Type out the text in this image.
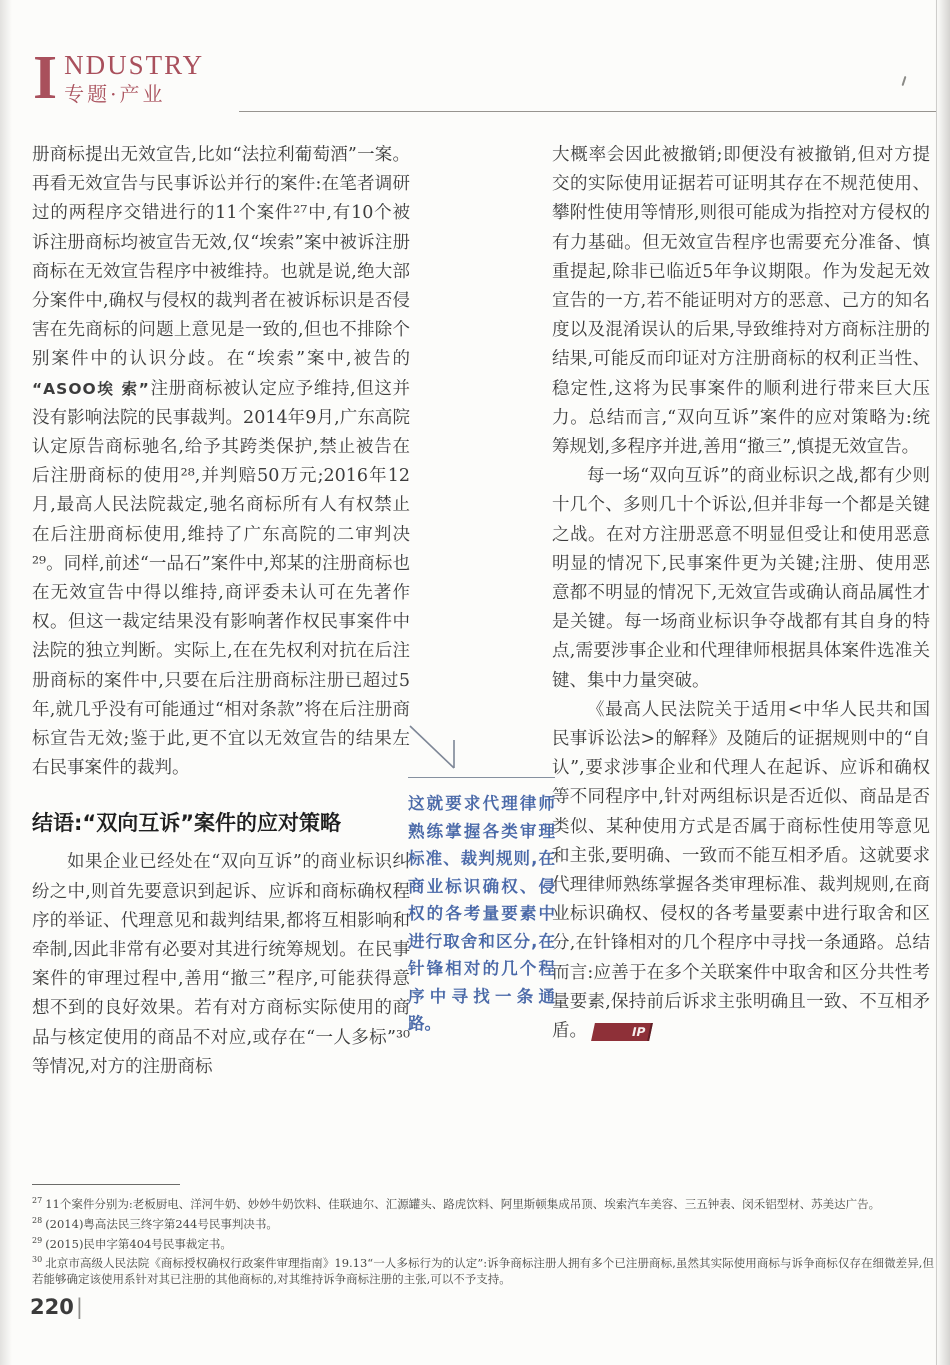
I NDUSTRY
专题·产业

册商标提出无效宣告,比如“法拉利葡萄酒”一案。再看无效宣告与民事诉讼并行的案件:在笔者调研过的两程序交错进行的11个案件²⁷中,有10个被诉注册商标均被宣告无效,仅“埃索”案中被诉注册商标在无效宣告程序中被维持。也就是说,绝大部分案件中,确权与侵权的裁判者在被诉标识是否侵害在先商标的问题上意见是一致的,但也不排除个别案件中的认识分歧。在“埃索”案中,被告的“ASOO埃 索”注册商标被认定应予维持,但这并没有影响法院的民事裁判。2014年9月,广东高院认定原告商标驰名,给予其跨类保护,禁止被告在后注册商标的使用²⁸,并判赔50万元;2016年12月,最高人民法院裁定,驰名商标所有人有权禁止在后注册商标使用,维持了广东高院的二审判决²⁹。同样,前述“一品石”案件中,郑某的注册商标也在无效宣告中得以维持,商评委未认可在先著作权。但这一裁定结果没有影响著作权民事案件中法院的独立判断。实际上,在在先权利对抗在后注册商标的案件中,只要在后注册商标注册已超过5年,就几乎没有可能通过“相对条款”将在后注册商标宣告无效;鉴于此,更不宜以无效宣告的结果左右民事案件的裁判。

结语:“双向互诉”案件的应对策略

如果企业已经处在“双向互诉”的商业标识纠纷之中,则首先要意识到起诉、应诉和商标确权程序的举证、代理意见和裁判结果,都将互相影响和牵制,因此非常有必要对其进行统筹规划。在民事案件的审理过程中,善用“撤三”程序,可能获得意想不到的良好效果。若有对方商标实际使用的商品与核定使用的商品不对应,或存在“一人多标”³⁰等情况,对方的注册商标

这就要求代理律师熟练掌握各类审理标准、裁判规则,在商业标识确权、侵权的各考量要素中进行取舍和区分,在针锋相对的几个程序中寻找一条通路。

大概率会因此被撤销;即便没有被撤销,但对方提交的实际使用证据若可证明其存在不规范使用、攀附性使用等情形,则很可能成为指控对方侵权的有力基础。但无效宣告程序也需要充分准备、慎重提起,除非已临近5年争议期限。作为发起无效宣告的一方,若不能证明对方的恶意、己方的知名度以及混淆误认的后果,导致维持对方商标注册的结果,可能反而印证对方注册商标的权利正当性、稳定性,这将为民事案件的顺利进行带来巨大压力。总结而言,“双向互诉”案件的应对策略为:统筹规划,多程序并进,善用“撤三”,慎提无效宣告。

每一场“双向互诉”的商业标识之战,都有少则十几个、多则几十个诉讼,但并非每一个都是关键之战。在对方注册恶意不明显但受让和使用恶意明显的情况下,民事案件更为关键;注册、使用恶意都不明显的情况下,无效宣告或确认商品属性才是关键。每一场商业标识争夺战都有其自身的特点,需要涉事企业和代理律师根据具体案件选准关键、集中力量突破。

《最高人民法院关于适用<中华人民共和国民事诉讼法>的解释》及随后的证据规则中的“自认”,要求涉事企业和代理人在起诉、应诉和确权等不同程序中,针对两组标识是否近似、商品是否类似、某种使用方式是否属于商标性使用等意见和主张,要明确、一致而不能互相矛盾。这就要求代理律师熟练掌握各类审理标准、裁判规则,在商业标识确权、侵权的各考量要素中进行取舍和区分,在针锋相对的几个程序中寻找一条通路。总结而言:应善于在多个关联案件中取舍和区分共性考量要素,保持前后诉求主张明确且一致、不互相矛盾。	IP

$^{27}$ 11个案件分别为:老板厨电、洋河牛奶、妙妙牛奶饮料、佳联迪尔、汇源罐头、路虎饮料、阿里斯顿集成吊顶、埃索汽车美容、三五钟表、闵禾铝型材、苏美达广告。

$^{28}$ (2014)粤高法民三终字第244号民事判决书。

$^{29}$ (2015)民申字第404号民事裁定书。

$^{30}$ 北京市高级人民法院《商标授权确权行政案件审理指南》19.13“一人多标行为的认定”:诉争商标注册人拥有多个已注册商标,虽然其实际使用商标与诉争商标仅存在细微差异,但若能够确定该使用系针对其已注册的其他商标的,对其维持诉争商标注册的主张,可以不予支持。

220|
